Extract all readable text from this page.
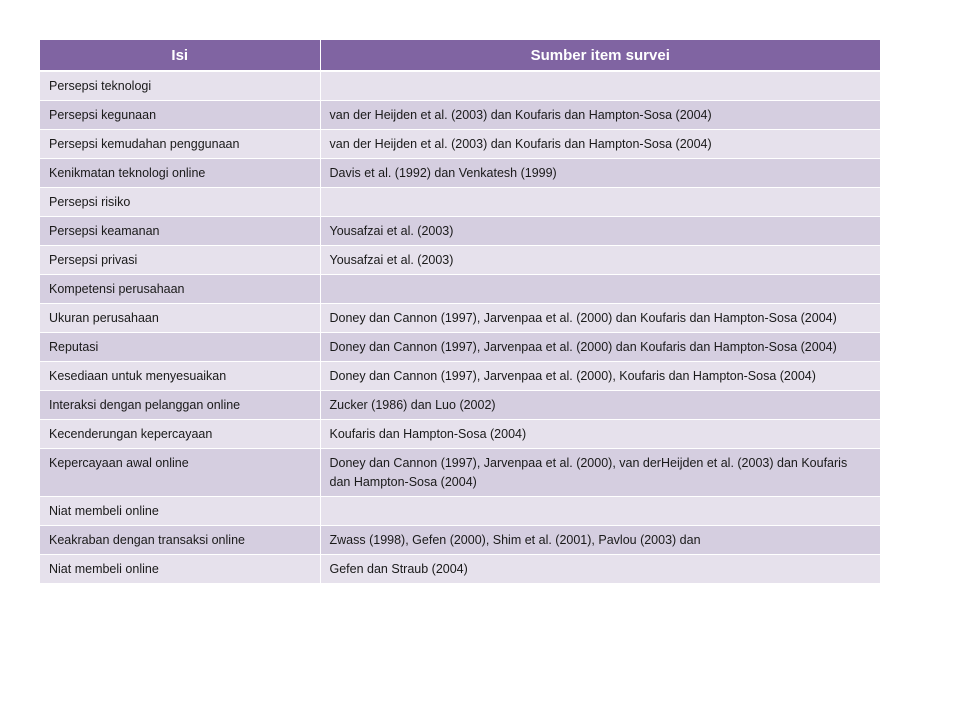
Isi	Sumber item survei
Persepsi teknologi	
Persepsi kegunaan	van der Heijden et al. (2003) dan Koufaris dan Hampton-Sosa (2004)
Persepsi kemudahan penggunaan	van der Heijden et al. (2003) dan Koufaris dan Hampton-Sosa (2004)
Kenikmatan teknologi online	Davis et al. (1992) dan Venkatesh (1999)
Persepsi risiko	
Persepsi keamanan	Yousafzai et al. (2003)
Persepsi privasi	Yousafzai et al. (2003)
Kompetensi perusahaan	
Ukuran perusahaan	Doney dan Cannon (1997), Jarvenpaa et al. (2000) dan Koufaris dan Hampton-Sosa (2004)
Reputasi	Doney dan Cannon (1997), Jarvenpaa et al. (2000) dan Koufaris dan Hampton-Sosa (2004)
Kesediaan untuk menyesuaikan	Doney dan Cannon (1997), Jarvenpaa et al. (2000), Koufaris dan Hampton-Sosa (2004)
Interaksi dengan pelanggan online	Zucker (1986) dan Luo (2002)
Kecenderungan kepercayaan	Koufaris dan Hampton-Sosa (2004)
Kepercayaan awal online	Doney dan Cannon (1997), Jarvenpaa et al. (2000), van derHeijden et al. (2003) dan Koufaris dan Hampton-Sosa (2004)
Niat membeli online	
Keakraban dengan transaksi online	Zwass (1998), Gefen (2000), Shim et al. (2001), Pavlou (2003) dan
Niat membeli online	Gefen dan Straub (2004)
